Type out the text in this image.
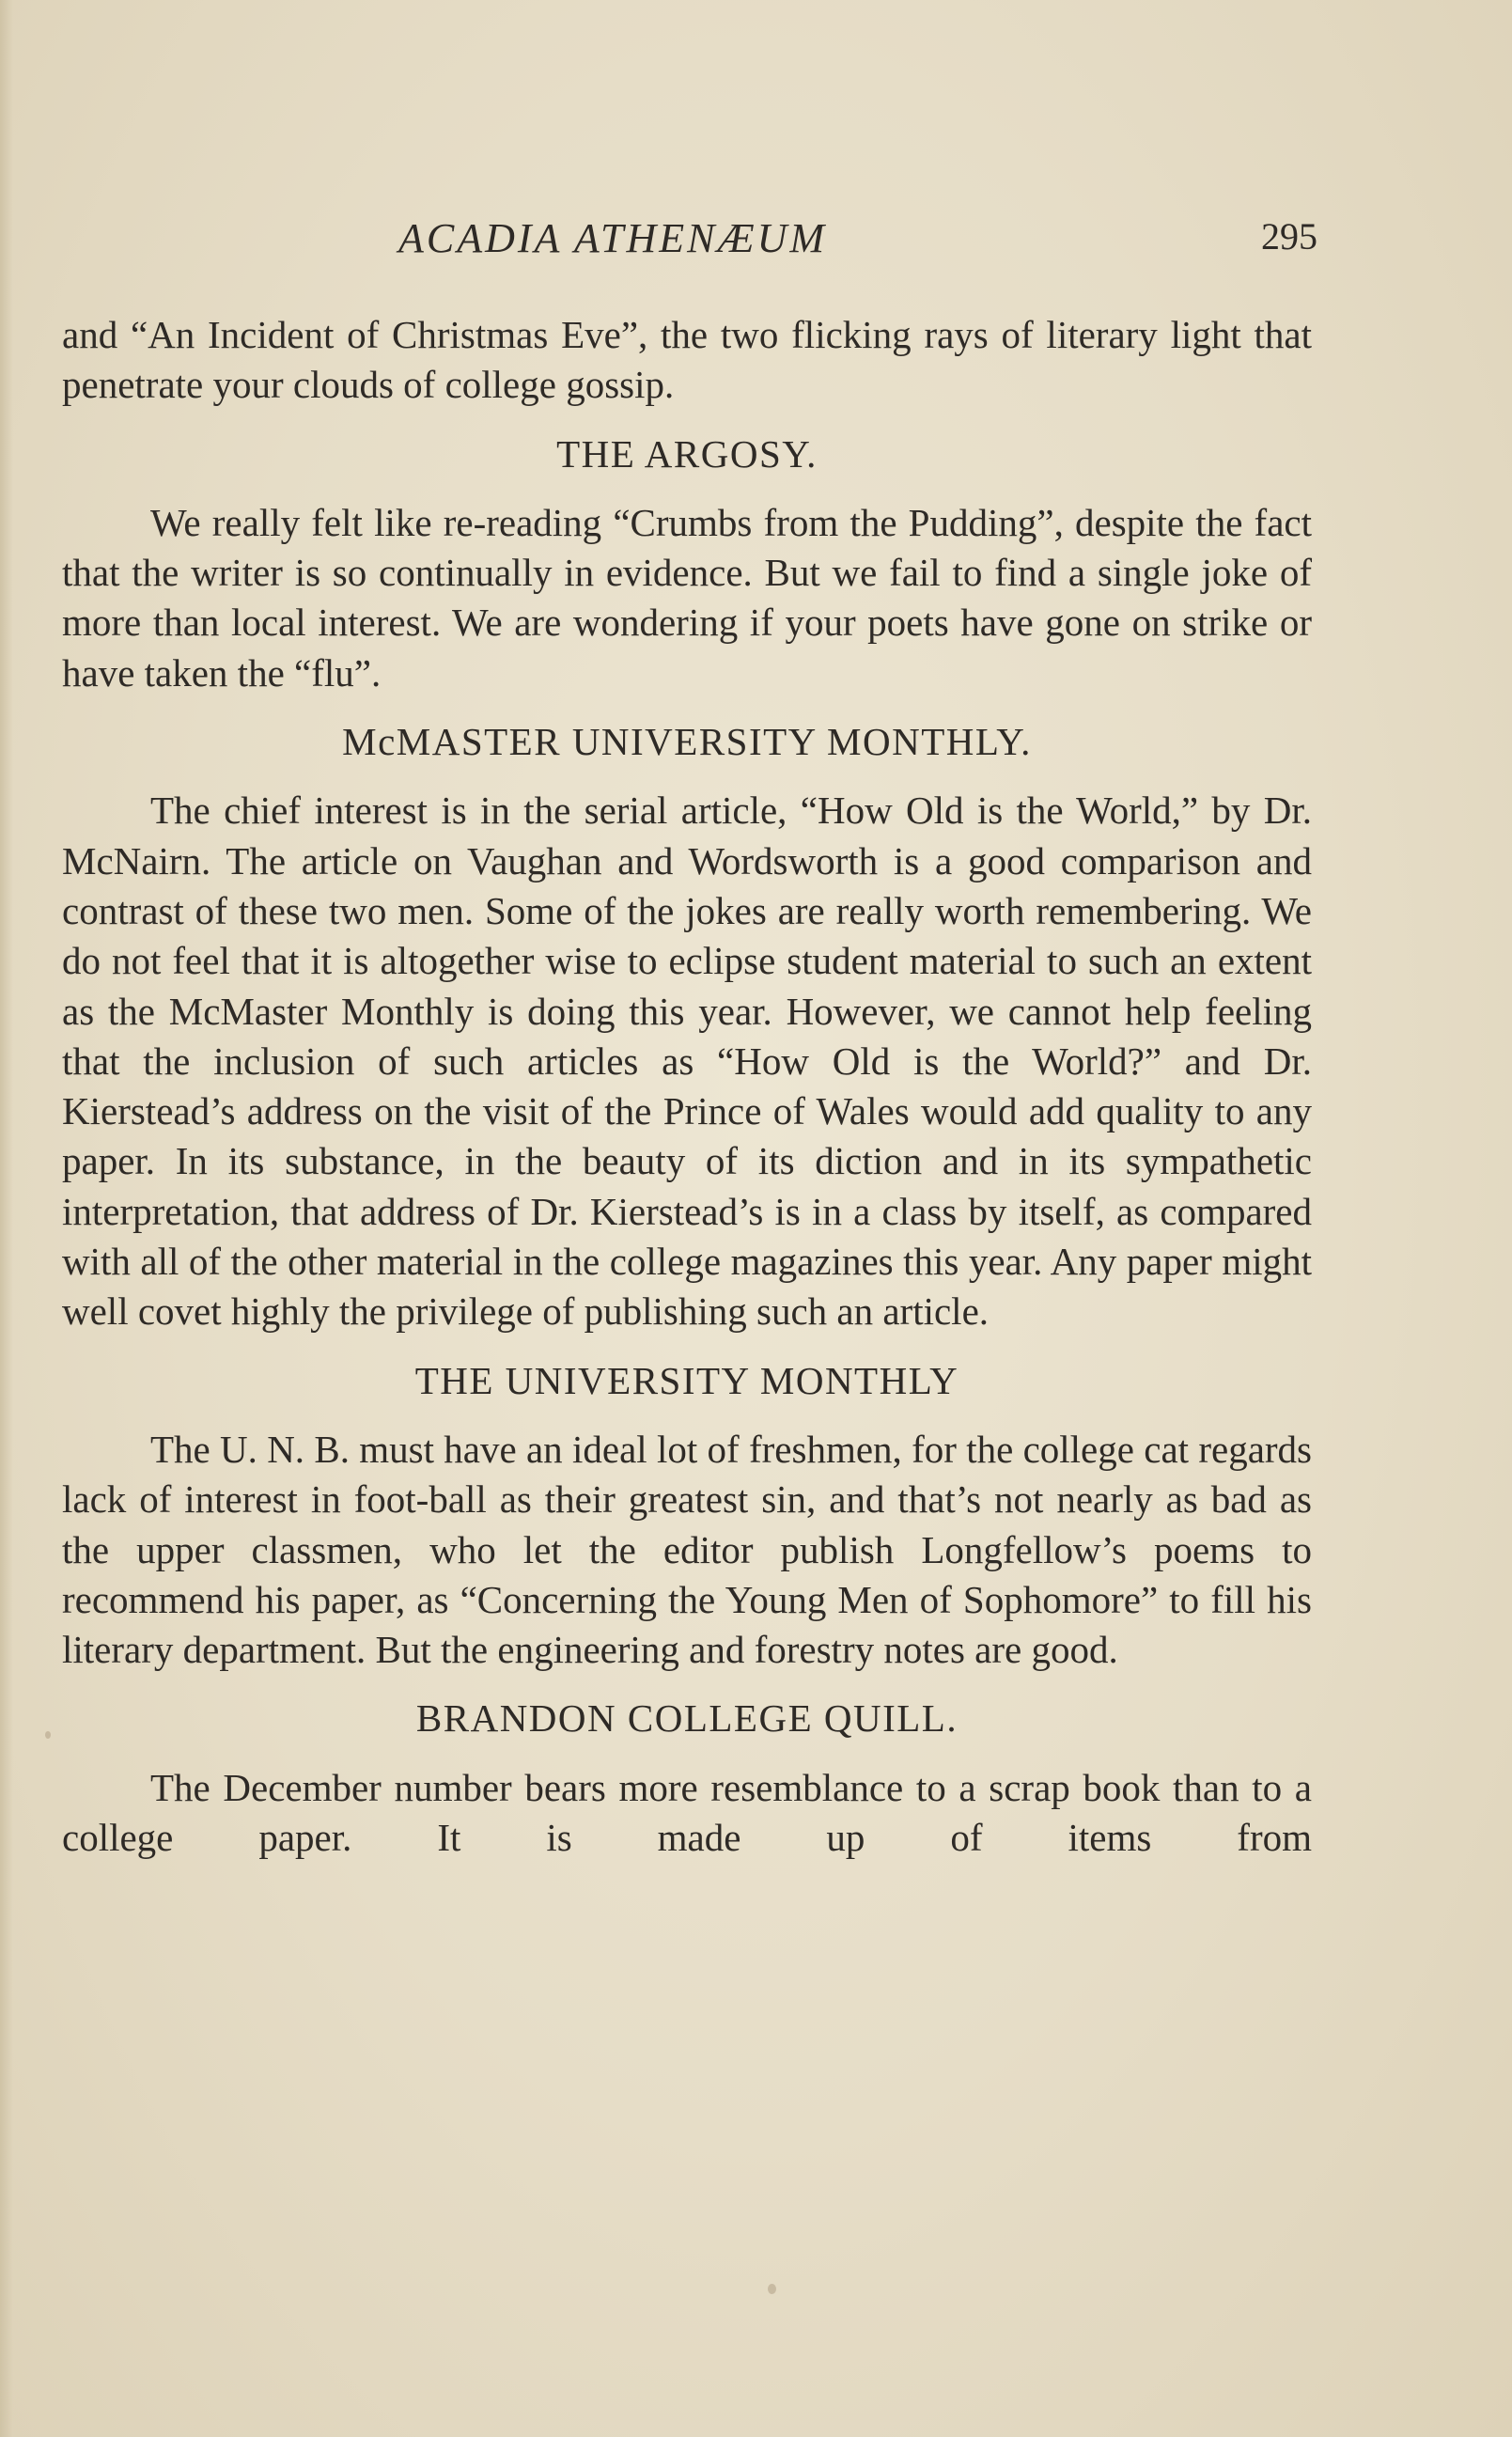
ACADIA ATHENÆUM	295

and “An Incident of Christmas Eve”, the two flicking rays of literary light that penetrate your clouds of college gossip.

THE ARGOSY.

We really felt like re-reading “Crumbs from the Pudding”, despite the fact that the writer is so continually in evidence. But we fail to find a single joke of more than local interest. We are wondering if your poets have gone on strike or have taken the “flu”.

McMASTER UNIVERSITY MONTHLY.

The chief interest is in the serial article, “How Old is the World,” by Dr. McNairn. The article on Vaughan and Wordsworth is a good comparison and contrast of these two men. Some of the jokes are really worth remembering. We do not feel that it is altogether wise to eclipse student material to such an extent as the McMaster Monthly is doing this year. However, we cannot help feeling that the inclusion of such articles as “How Old is the World?” and Dr. Kierstead’s address on the visit of the Prince of Wales would add quality to any paper. In its substance, in the beauty of its diction and in its sympathetic interpretation, that address of Dr. Kierstead’s is in a class by itself, as compared with all of the other material in the college magazines this year. Any paper might well covet highly the privilege of publishing such an article.

THE UNIVERSITY MONTHLY

The U. N. B. must have an ideal lot of freshmen, for the college cat regards lack of interest in foot-ball as their greatest sin, and that’s not nearly as bad as the upper classmen, who let the editor publish Longfellow’s poems to recommend his paper, as “Concerning the Young Men of Sophomore” to fill his literary department. But the engineering and forestry notes are good.

BRANDON COLLEGE QUILL.

The December number bears more resemblance to a scrap book than to a college paper. It is made up of items from
